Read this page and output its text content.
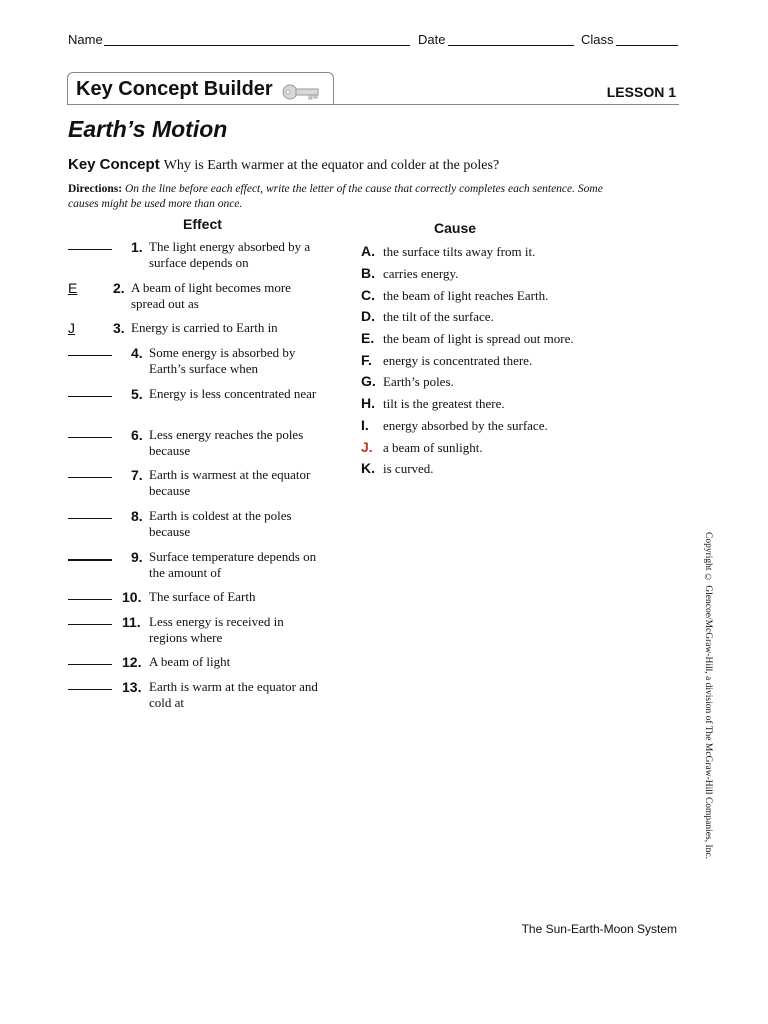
Name	Date	Class
Key Concept Builder	LESSON 1
Earth’s Motion
Key Concept Why is Earth warmer at the equator and colder at the poles?
Directions: On the line before each effect, write the letter of the cause that correctly completes each sentence. Some causes might be used more than once.
Effect	Cause
1. The light energy absorbed by a surface depends on
E	2. A beam of light becomes more spread out as
J	3. Energy is carried to Earth in
4. Some energy is absorbed by Earth’s surface when
5. Energy is less concentrated near
6. Less energy reaches the poles because
7. Earth is warmest at the equator because
8. Earth is coldest at the poles because
9. Surface temperature depends on the amount of
10. The surface of Earth
11. Less energy is received in regions where
12. A beam of light
13. Earth is warm at the equator and cold at
A. the surface tilts away from it.
B. carries energy.
C. the beam of light reaches Earth.
D. the tilt of the surface.
E. the beam of light is spread out more.
F. energy is concentrated there.
G. Earth’s poles.
H. tilt is the greatest there.
I. energy absorbed by the surface.
J. a beam of sunlight.
K. is curved.
Copyright © Glencoe/McGraw-Hill, a division of The McGraw-Hill Companies, Inc.
The Sun-Earth-Moon System
